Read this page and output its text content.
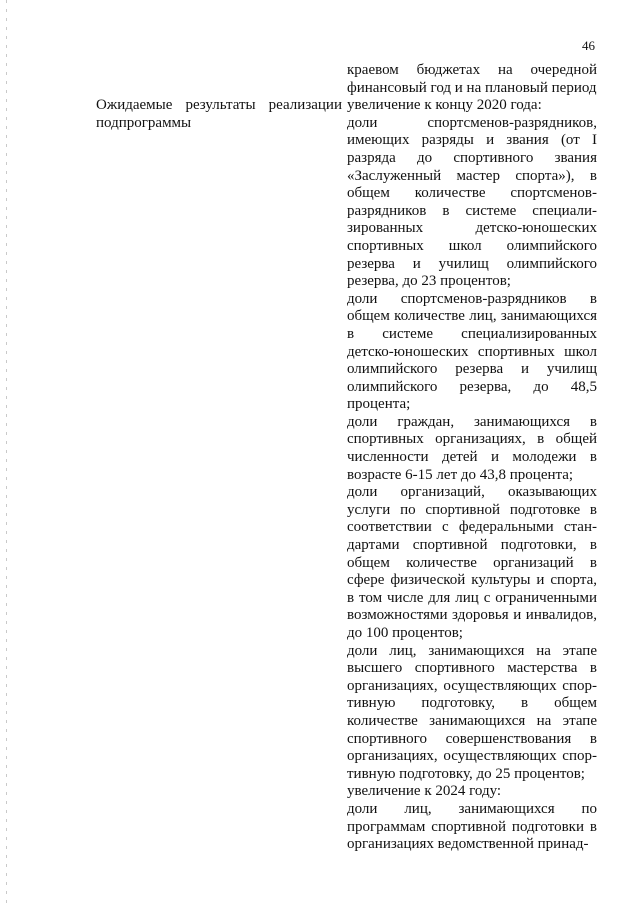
46
Ожидаемые результаты реализации подпрограммы

краевом бюджетах на очередной финансовый год и на плановый период

увеличение к концу 2020 года:

доли спортсменов-разрядников, имеющих разряды и звания (от I разряда до спортивного звания «Заслуженный мастер спорта»), в общем количестве спортсменов-разрядников в системе специализированных детско-юношеских спортивных школ олимпийского резерва и училищ олимпийского резерва, до 23 процентов;

доли спортсменов-разрядников в общем количестве лиц, занимающихся в системе специализированных детско-юношеских спортивных школ олимпийского резерва и училищ олимпийского резерва, до 48,5 процента;

доли граждан, занимающихся в спортивных организациях, в общей численности детей и молодежи в возрасте 6-15 лет до 43,8 процента;

доли организаций, оказывающих услуги по спортивной подготовке в соответствии с федеральными стандартами спортивной подготовки, в общем количестве организаций в сфере физической культуры и спорта, в том числе для лиц с ограниченными возможностями здоровья и инвалидов, до 100 процентов;

доли лиц, занимающихся на этапе высшего спортивного мастерства в организациях, осуществляющих спортивную подготовку, в общем количестве занимающихся на этапе спортивного совершенствования в организациях, осуществляющих спортивную подготовку, до 25 процентов;

увеличение к 2024 году:

доли лиц, занимающихся по программам спортивной подготовки в организациях ведомственной принад-
